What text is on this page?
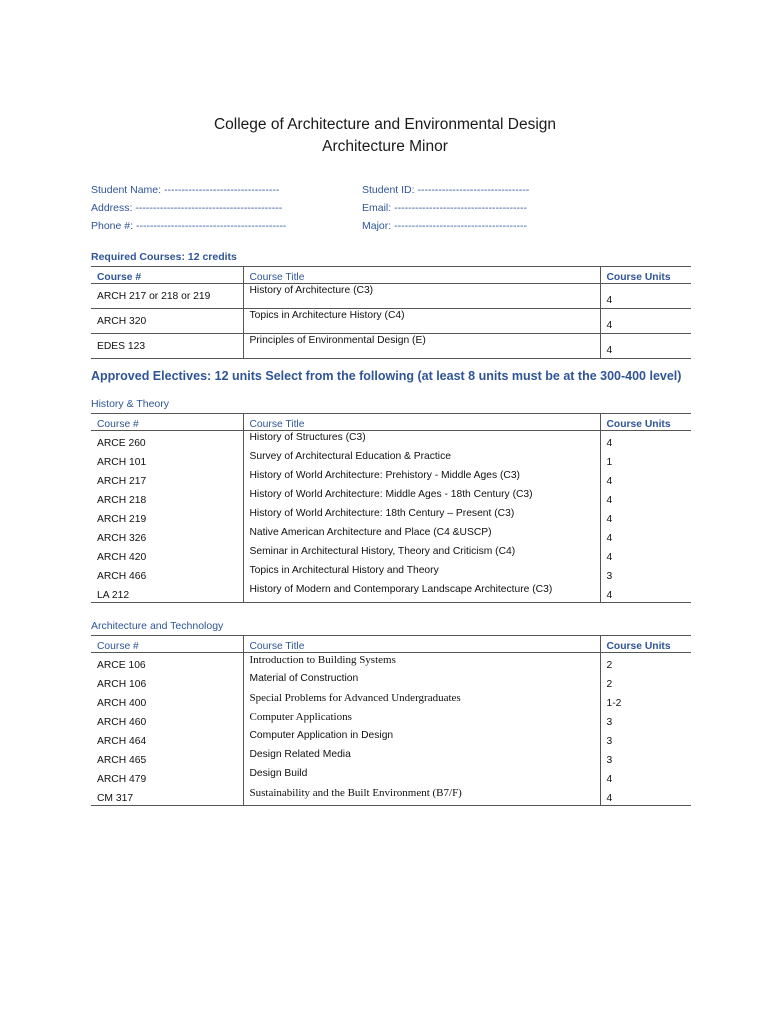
College of Architecture and Environmental Design
Architecture Minor
Student Name: ---------------------------------	Student ID: --------------------------------
Address: ------------------------------------------	Email: --------------------------------------
Phone #: -------------------------------------------	Major: --------------------------------------
Required Courses: 12 credits
Course #	Course Title	Course Units
ARCH 217 or 218 or 219	History of Architecture (C3)	4
ARCH 320	Topics in Architecture History (C4)	4
EDES 123	Principles of Environmental Design (E)	4
Approved Electives: 12 units Select from the following (at least 8 units must be at the 300-400 level)
History & Theory
Course #	Course Title	Course Units
ARCE 260	History of Structures (C3)	4
ARCH 101	Survey of Architectural Education & Practice	1
ARCH 217	History of World Architecture: Prehistory - Middle Ages (C3)	4
ARCH 218	History of World Architecture: Middle Ages - 18th Century (C3)	4
ARCH 219	History of World Architecture: 18th Century – Present (C3)	4
ARCH 326	Native American Architecture and Place (C4 &USCP)	4
ARCH 420	Seminar in Architectural History, Theory and Criticism (C4)	4
ARCH 466	Topics in Architectural History and Theory	3
LA 212	History of Modern and Contemporary Landscape Architecture (C3)	4
Architecture and Technology
Course #	Course Title	Course Units
ARCE 106	Introduction to Building Systems	2
ARCH 106	Material of Construction	2
ARCH 400	Special Problems for Advanced Undergraduates	1-2
ARCH 460	Computer Applications	3
ARCH 464	Computer Application in Design	3
ARCH 465	Design Related Media	3
ARCH 479	Design Build	4
CM 317	Sustainability and the Built Environment (B7/F)	4
